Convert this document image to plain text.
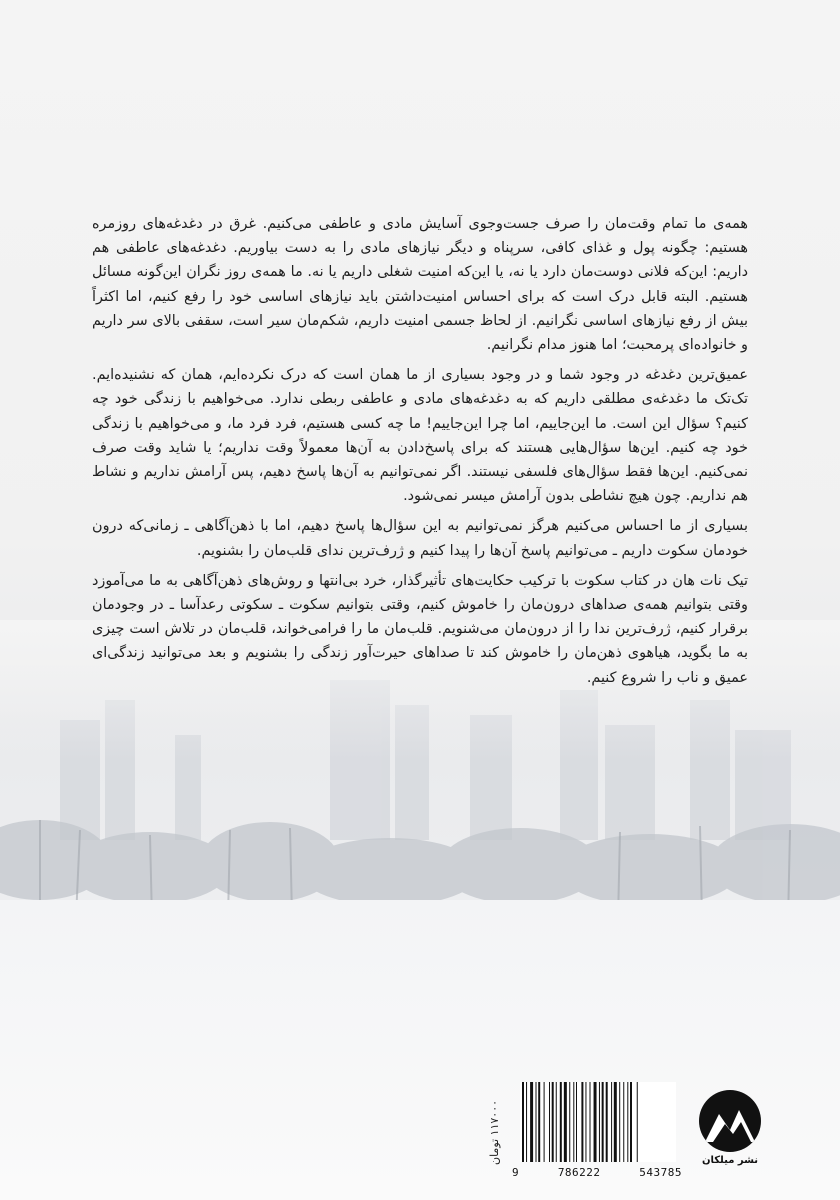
همه‌ی ما تمام وقت‌مان را صرف جست‌وجوی آسایش مادی و عاطفی می‌کنیم. غرق در دغدغه‌های روزمره هستیم: چگونه پول و غذای کافی، سرپناه و دیگر نیازهای مادی را به دست بیاوریم. دغدغه‌های عاطفی هم داریم: این‌که فلانی دوست‌مان دارد یا نه، یا این‌که امنیت شغلی داریم یا نه. ما همه‌ی روز نگران این‌گونه مسائل هستیم. البته قابل درک است که برای احساس امنیت‌داشتن باید نیازهای اساسی خود را رفع کنیم، اما اکثراً بیش از رفع نیازهای اساسی نگرانیم. از لحاظ جسمی امنیت داریم، شکم‌مان سیر است، سقفی بالای سر داریم و خانواده‌ای پرمحبت؛ اما هنوز مدام نگرانیم.

عمیق‌ترین دغدغه در وجود شما و در وجود بسیاری از ما همان است که درک نکرده‌ایم، همان که نشنیده‌ایم. تک‌تک ما دغدغه‌ی مطلقی داریم که به دغدغه‌های مادی و عاطفی ربطی ندارد. می‌خواهیم با زندگی خود چه کنیم؟ سؤال این است. ما این‌جاییم، اما چرا این‌جاییم! ما چه کسی هستیم، فرد فرد ما، و می‌خواهیم با زندگی خود چه کنیم. این‌ها سؤال‌هایی هستند که برای پاسخ‌دادن به آن‌ها معمولاً وقت نداریم؛ یا شاید وقت صرف نمی‌کنیم. این‌ها فقط سؤال‌های فلسفی نیستند. اگر نمی‌توانیم به آن‌ها پاسخ دهیم، پس آرامش نداریم و نشاط هم نداریم. چون هیچ نشاطی بدون آرامش میسر نمی‌شود.

بسیاری از ما احساس می‌کنیم هرگز نمی‌توانیم به این سؤال‌ها پاسخ دهیم، اما با ذهن‌آگاهی ـ زمانی‌که درون خودمان سکوت داریم ـ می‌توانیم پاسخ آن‌ها را پیدا کنیم و ژرف‌ترین ندای قلب‌مان را بشنویم.

تیک نات هان در کتاب سکوت با ترکیب حکایت‌های تأثیرگذار، خرد بی‌انتها و روش‌های ذهن‌آگاهی به ما می‌آموزد وقتی بتوانیم همه‌ی صداهای درون‌مان را خاموش کنیم، وقتی بتوانیم سکوت ـ سکوتی رعدآسا ـ در وجودمان برقرار کنیم، ژرف‌ترین ندا را از درون‌مان می‌شنویم. قلب‌مان ما را فرامی‌خواند، قلب‌مان در تلاش است چیزی به ما بگوید، هیاهوی ذهن‌مان را خاموش کند تا صداهای حیرت‌آور زندگی را بشنویم و بعد می‌توانید زندگی‌ای عمیق و ناب را شروع کنیم.

۱۱۷۰۰۰ تومان
9	786222	543785
نشر میلکان
